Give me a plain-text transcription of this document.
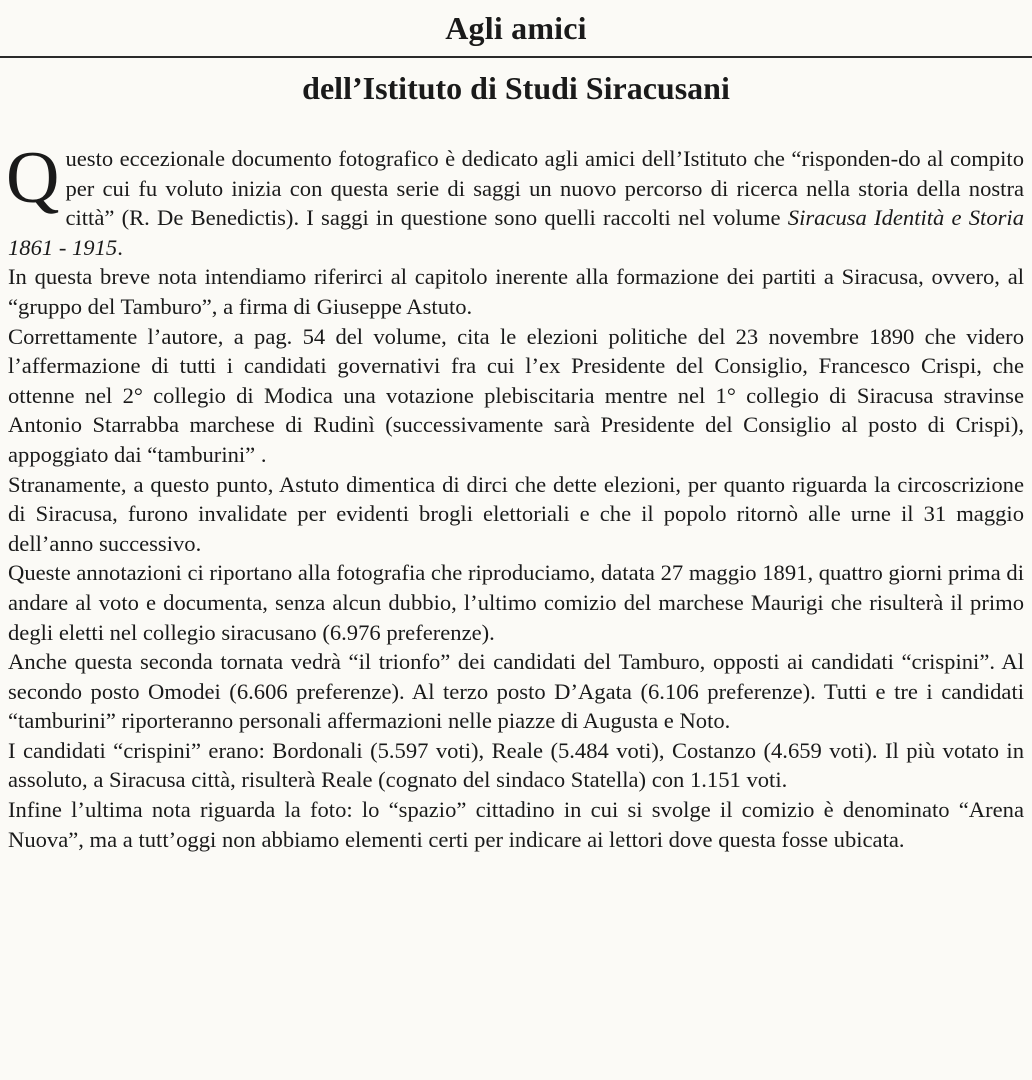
Agli amici
dell’Istituto di Studi Siracusani

Questo eccezionale documento fotografico è dedicato agli amici dell’Istituto che “risponden-do al compito per cui fu voluto inizia con questa serie di saggi un nuovo percorso di ricerca nella storia della nostra città” (R. De Benedictis). I saggi in questione sono quelli raccolti nel volume Siracusa Identità e Storia 1861 - 1915.

In questa breve nota intendiamo riferirci al capitolo inerente alla formazione dei partiti a Siracusa, ovvero, al “gruppo del Tamburo”, a firma di Giuseppe Astuto.

Correttamente l’autore, a pag. 54 del volume, cita le elezioni politiche del 23 novembre 1890 che videro l’affermazione di tutti i candidati governativi fra cui l’ex Presidente del Consiglio, Francesco Crispi, che ottenne nel 2° collegio di Modica una votazione plebiscitaria mentre nel 1° collegio di Siracusa stravinse Antonio Starrabba marchese di Rudinì (successivamente sarà Presidente del Consiglio al posto di Crispi), appoggiato dai “tamburini” .

Stranamente, a questo punto, Astuto dimentica di dirci che dette elezioni, per quanto riguarda la circoscrizione di Siracusa, furono invalidate per evidenti brogli elettoriali e che il popolo ritornò alle urne il 31 maggio dell’anno successivo.

Queste annotazioni ci riportano alla fotografia che riproduciamo, datata 27 maggio 1891, quattro giorni prima di andare al voto e documenta, senza alcun dubbio, l’ultimo comizio del marchese Maurigi che risulterà il primo degli eletti nel collegio siracusano (6.976 preferenze).

Anche questa seconda tornata vedrà “il trionfo” dei candidati del Tamburo, opposti ai candidati “crispini”. Al secondo posto Omodei (6.606 preferenze). Al terzo posto D’Agata (6.106 preferenze). Tutti e tre i candidati “tamburini” riporteranno personali affermazioni nelle piazze di Augusta e Noto.

I candidati “crispini” erano: Bordonali (5.597 voti), Reale (5.484 voti), Costanzo (4.659 voti). Il più votato in assoluto, a Siracusa città, risulterà Reale (cognato del sindaco Statella) con 1.151 voti.

Infine l’ultima nota riguarda la foto: lo “spazio” cittadino in cui si svolge il comizio è denominato “Arena Nuova”, ma a tutt’oggi non abbiamo elementi certi per indicare ai lettori dove questa fosse ubicata.
